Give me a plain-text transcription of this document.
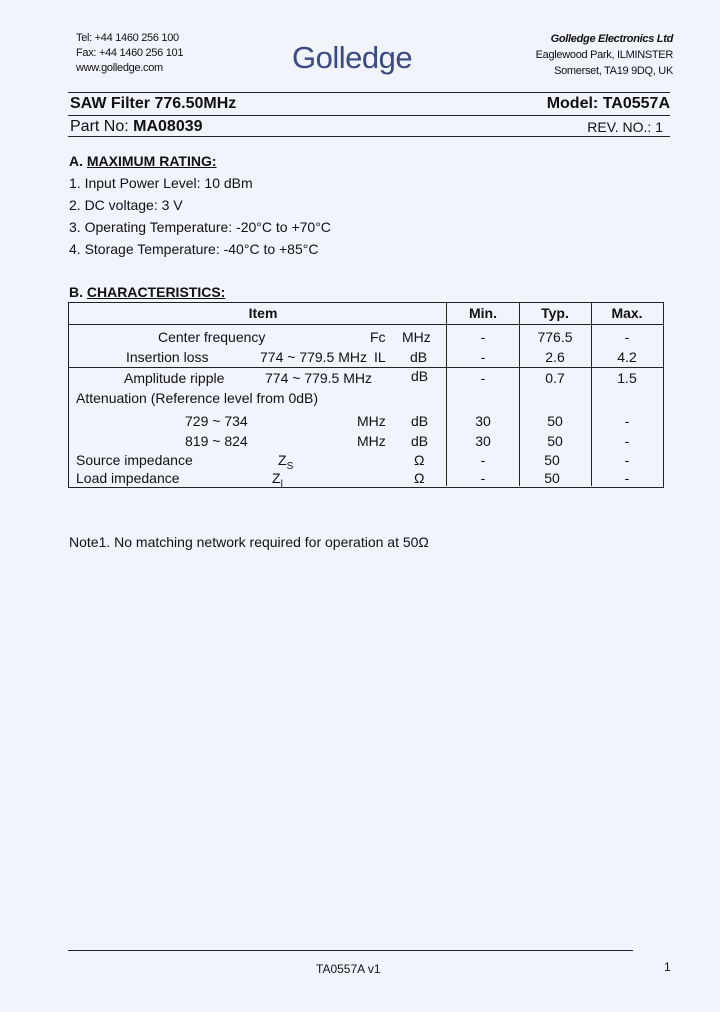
Tel: +44 1460 256 100
Fax: +44 1460 256 101
www.golledge.com	Golledge
Golledge Electronics Ltd
Eaglewood Park, ILMINSTER
Somerset, TA19 9DQ, UK
SAW Filter 776.50MHz	Model: TA0557A
Part No: MA08039	REV. NO.: 1
A. MAXIMUM RATING:
1. Input Power Level: 10 dBm
2. DC voltage: 3 V
3. Operating Temperature: -20°C to +70°C
4. Storage Temperature: -40°C to +85°C
B. CHARACTERISTICS:
Item	Min.	Typ.	Max.
Center frequency	Fc MHz	-	776.5	-
Insertion loss	774 ~ 779.5 MHz IL dB	-	2.6	4.2
Amplitude ripple	774 ~ 779.5 MHz	dB	-	0.7	1.5
Attenuation (Reference level from 0dB)
729 ~ 734	MHz dB	30	50	-
819 ~ 824	MHz dB	30	50	-
Source impedance	$Z_S$	Ω	-	50	-
Load impedance	$Z_l$	Ω	-	50	-
Note1. No matching network required for operation at 50Ω
TA0557A v1	1
